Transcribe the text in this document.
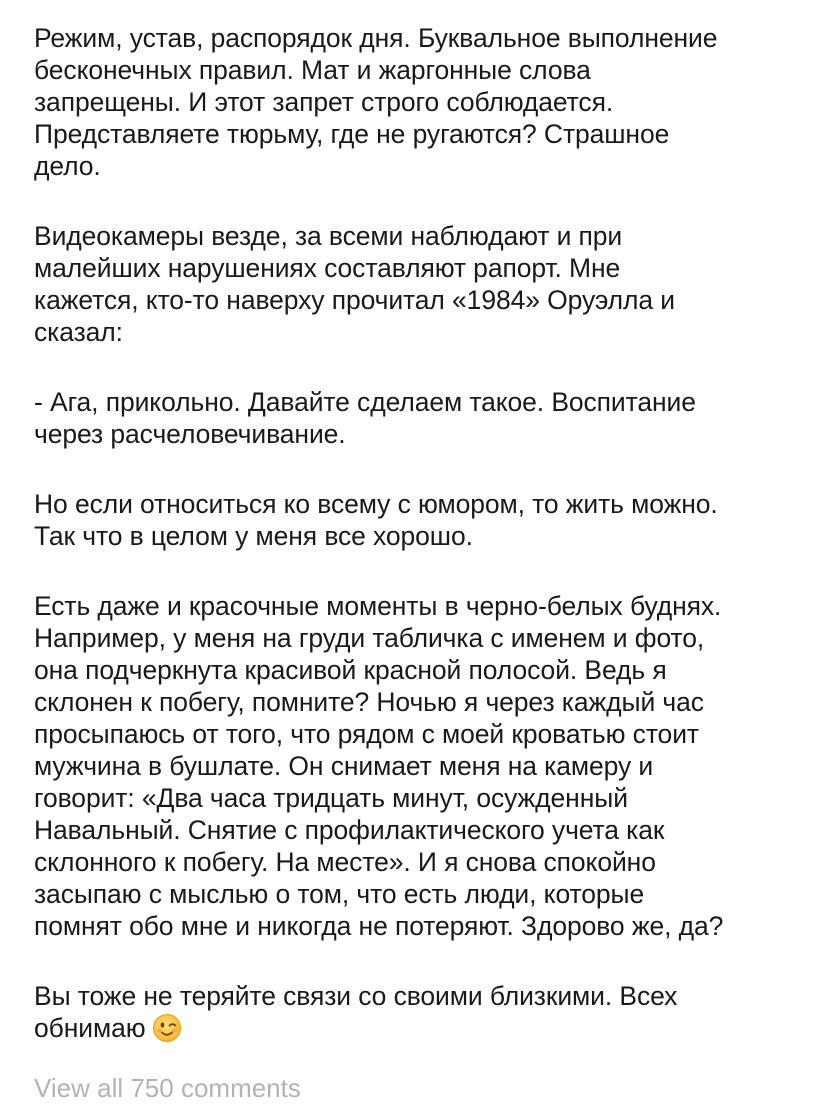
Режим, устав, распорядок дня. Буквальное выполнение
бесконечных правил. Мат и жаргонные слова
запрещены. И этот запрет строго соблюдается.
Представляете тюрьму, где не ругаются? Страшное
дело.

Видеокамеры везде, за всеми наблюдают и при
малейших нарушениях составляют рапорт. Мне
кажется, кто-то наверху прочитал «1984» Оруэлла и
сказал:

- Ага, прикольно. Давайте сделаем такое. Воспитание
через расчеловечивание.

Но если относиться ко всему с юмором, то жить можно.
Так что в целом у меня все хорошо.

Есть даже и красочные моменты в черно-белых буднях.
Например, у меня на груди табличка с именем и фото,
она подчеркнута красивой красной полосой. Ведь я
склонен к побегу, помните? Ночью я через каждый час
просыпаюсь от того, что рядом с моей кроватью стоит
мужчина в бушлате. Он снимает меня на камеру и
говорит: «Два часа тридцать минут, осужденный
Навальный. Снятие с профилактического учета как
склонного к побегу. На месте». И я снова спокойно
засыпаю с мыслью о том, что есть люди, которые
помнят обо мне и никогда не потеряют. Здорово же, да?

Вы тоже не теряйте связи со своими близкими. Всех
обнимаю

View all 750 comments
